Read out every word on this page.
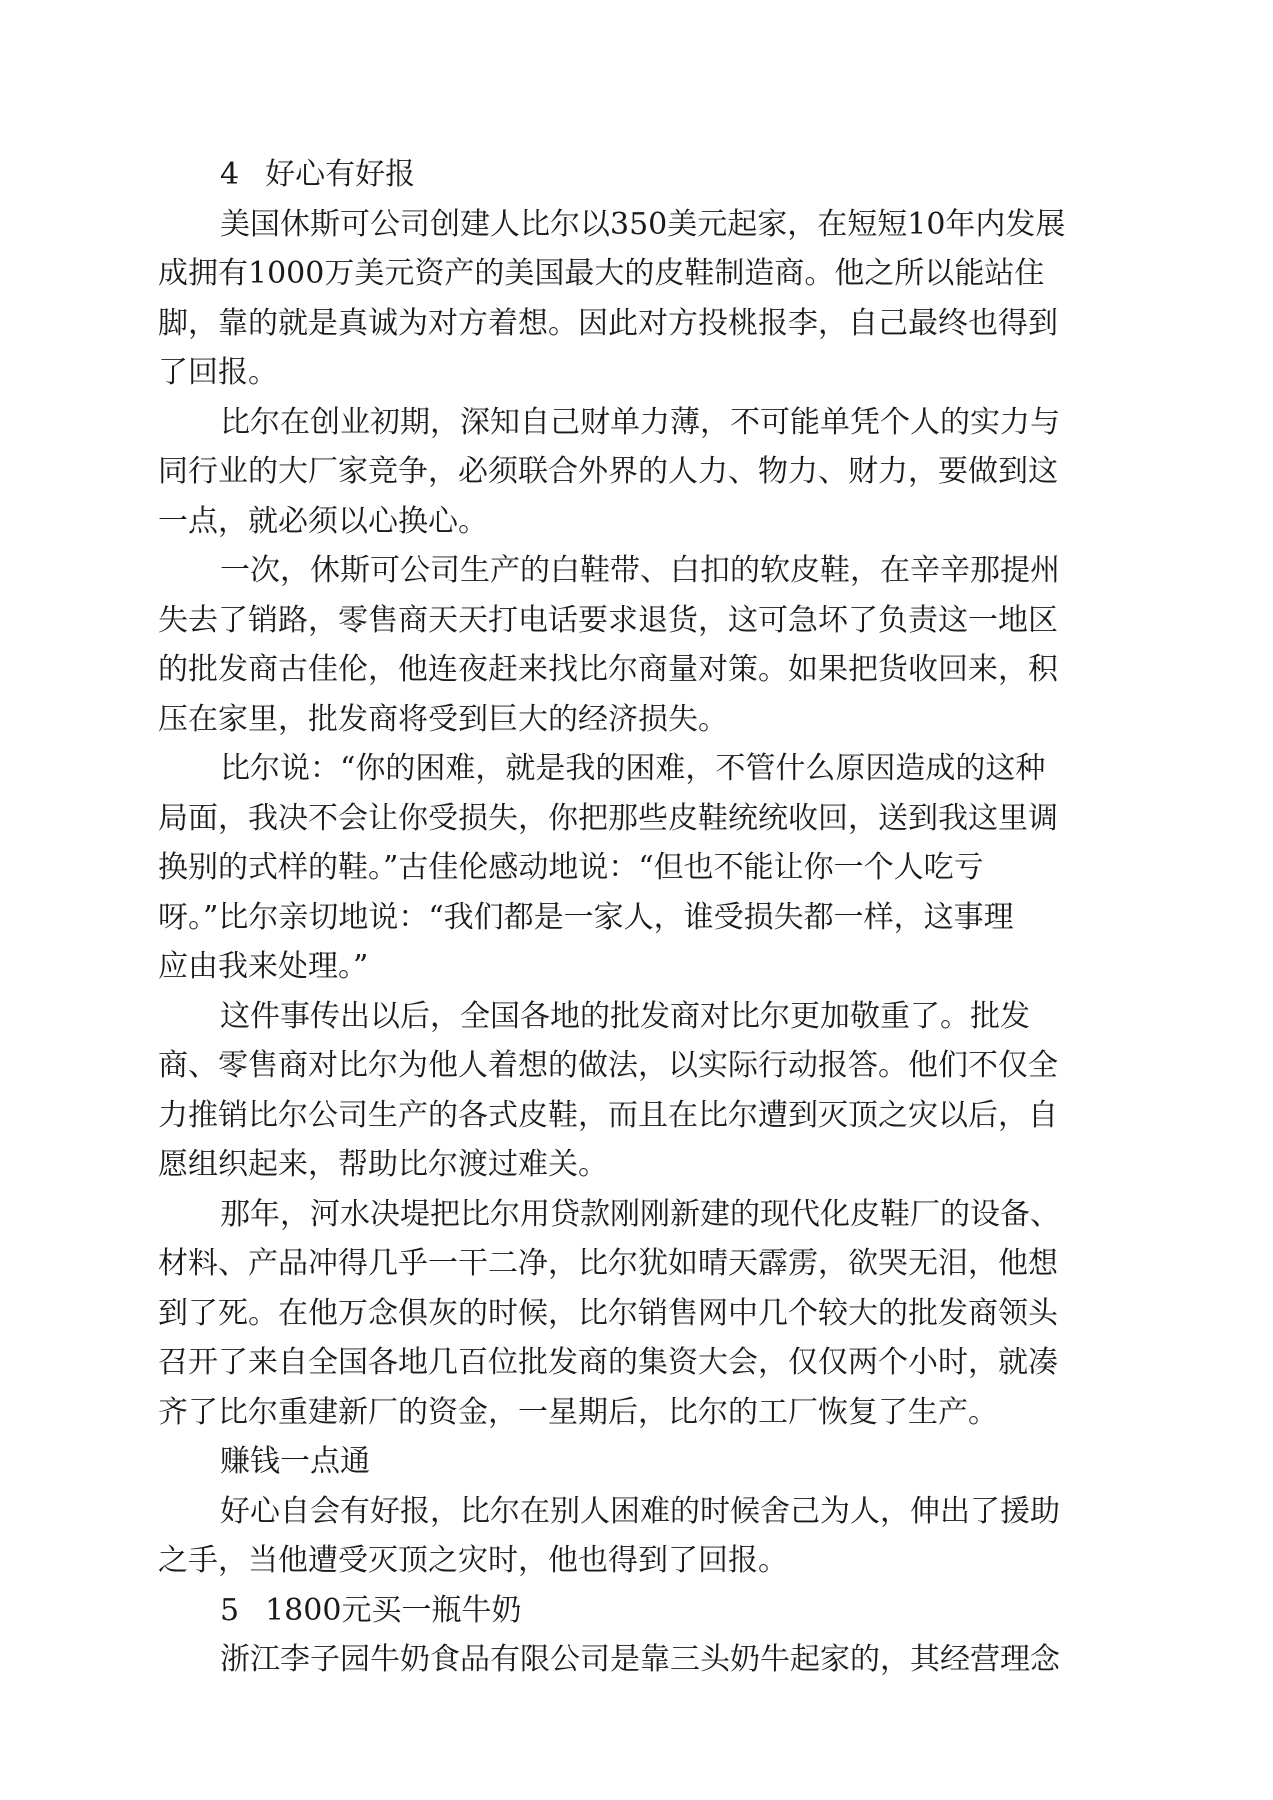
4 好心有好报
美国休斯可公司创建人比尔以350美元起家，在短短10年内发展
成拥有1000万美元资产的美国最大的皮鞋制造商。他之所以能站住
脚，靠的就是真诚为对方着想。因此对方投桃报李，自己最终也得到
了回报。
比尔在创业初期，深知自己财单力薄，不可能单凭个人的实力与
同行业的大厂家竞争，必须联合外界的人力、物力、财力，要做到这
一点，就必须以心换心。
一次，休斯可公司生产的白鞋带、白扣的软皮鞋，在辛辛那提州
失去了销路，零售商天天打电话要求退货，这可急坏了负责这一地区
的批发商古佳伦，他连夜赶来找比尔商量对策。如果把货收回来，积
压在家里，批发商将受到巨大的经济损失。
比尔说：“你的困难，就是我的困难，不管什么原因造成的这种
局面，我决不会让你受损失，你把那些皮鞋统统收回，送到我这里调
换别的式样的鞋。”古佳伦感动地说：“但也不能让你一个人吃亏
呀。”比尔亲切地说：“我们都是一家人，谁受损失都一样，这事理
应由我来处理。”
这件事传出以后，全国各地的批发商对比尔更加敬重了。批发
商、零售商对比尔为他人着想的做法，以实际行动报答。他们不仅全
力推销比尔公司生产的各式皮鞋，而且在比尔遭到灭顶之灾以后，自
愿组织起来，帮助比尔渡过难关。
那年，河水决堤把比尔用贷款刚刚新建的现代化皮鞋厂的设备、
材料、产品冲得几乎一干二净，比尔犹如晴天霹雳，欲哭无泪，他想
到了死。在他万念俱灰的时候，比尔销售网中几个较大的批发商领头
召开了来自全国各地几百位批发商的集资大会，仅仅两个小时，就凑
齐了比尔重建新厂的资金，一星期后，比尔的工厂恢复了生产。
赚钱一点通
好心自会有好报，比尔在别人困难的时候舍己为人，伸出了援助
之手，当他遭受灭顶之灾时，他也得到了回报。
5 1800元买一瓶牛奶
浙江李子园牛奶食品有限公司是靠三头奶牛起家的，其经营理念
